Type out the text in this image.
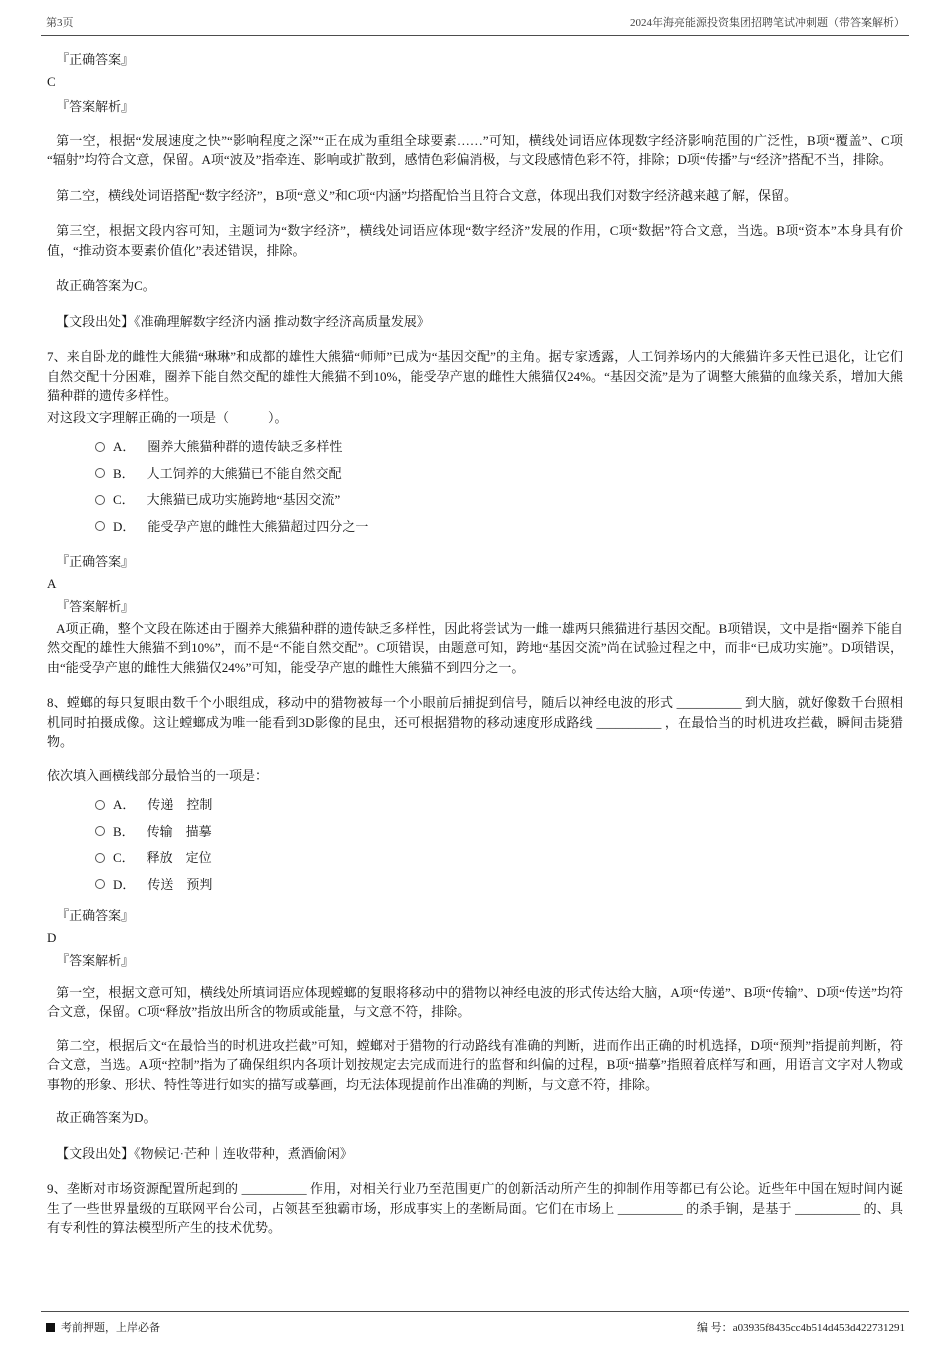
第3页	2024年海亮能源投资集团招聘笔试冲刺题（带答案解析）

『正确答案』

C

『答案解析』

第一空，根据“发展速度之快”“影响程度之深”“正在成为重组全球要素……”可知，横线处词语应体现数字经济影响范围的广泛性，B项“覆盖”、C项“辐射”均符合文意，保留。A项“波及”指牵连、影响或扩散到，感情色彩偏消极，与文段感情色彩不符，排除；D项“传播”与“经济”搭配不当，排除。

第二空，横线处词语搭配“数字经济”，B项“意义”和C项“内涵”均搭配恰当且符合文意，体现出我们对数字经济越来越了解，保留。

第三空，根据文段内容可知，主题词为“数字经济”，横线处词语应体现“数字经济”发展的作用，C项“数据”符合文意，当选。B项“资本”本身具有价值，“推动资本要素价值化”表述错误，排除。

故正确答案为C。

【文段出处】《准确理解数字经济内涵 推动数字经济高质量发展》

7、来自卧龙的雌性大熊猫“琳琳”和成都的雄性大熊猫“师师”已成为“基因交配”的主角。据专家透露，人工饲养场内的大熊猫许多天性已退化，让它们自然交配十分困难，圈养下能自然交配的雄性大熊猫不到10%，能受孕产崽的雌性大熊猫仅24%。“基因交流”是为了调整大熊猫的血缘关系，增加大熊猫种群的遗传多样性。

对这段文字理解正确的一项是（　　　）。

A． 圈养大熊猫种群的遗传缺乏多样性
B． 人工饲养的大熊猫已不能自然交配
C． 大熊猫已成功实施跨地“基因交流”
D． 能受孕产崽的雌性大熊猫超过四分之一

『正确答案』

A

『答案解析』

A项正确，整个文段在陈述由于圈养大熊猫种群的遗传缺乏多样性，因此将尝试为一雌一雄两只熊猫进行基因交配。B项错误，文中是指“圈养下能自然交配的雄性大熊猫不到10%”，而不是“不能自然交配”。C项错误，由题意可知，跨地“基因交流”尚在试验过程之中，而非“已成功实施”。D项错误，由“能受孕产崽的雌性大熊猫仅24%”可知，能受孕产崽的雌性大熊猫不到四分之一。

8、螳螂的每只复眼由数千个小眼组成，移动中的猎物被每一个小眼前后捕捉到信号，随后以神经电波的形式 __________ 到大脑，就好像数千台照相机同时拍摄成像。这让螳螂成为唯一能看到3D影像的昆虫，还可根据猎物的移动速度形成路线 __________ ，在最恰当的时机进攻拦截，瞬间击毙猎物。

依次填入画横线部分最恰当的一项是：

A． 传递　控制
B． 传输　描摹
C． 释放　定位
D． 传送　预判

『正确答案』

D

『答案解析』

第一空，根据文意可知，横线处所填词语应体现螳螂的复眼将移动中的猎物以神经电波的形式传达给大脑，A项“传递”、B项“传输”、D项“传送”均符合文意，保留。C项“释放”指放出所含的物质或能量，与文意不符，排除。

第二空，根据后文“在最恰当的时机进攻拦截”可知，螳螂对于猎物的行动路线有准确的判断，进而作出正确的时机选择，D项“预判”指提前判断，符合文意，当选。A项“控制”指为了确保组织内各项计划按规定去完成而进行的监督和纠偏的过程，B项“描摹”指照着底样写和画，用语言文字对人物或事物的形象、形状、特性等进行如实的描写或摹画，均无法体现提前作出准确的判断，与文意不符，排除。

故正确答案为D。

【文段出处】《物候记·芒种｜连收带种，煮酒偷闲》

9、垄断对市场资源配置所起到的 __________ 作用，对相关行业乃至范围更广的创新活动所产生的抑制作用等都已有公论。近些年中国在短时间内诞生了一些世界量级的互联网平台公司，占领甚至独霸市场，形成事实上的垄断局面。它们在市场上 __________ 的杀手锏，是基于 __________ 的、具有专利性的算法模型所产生的技术优势。

考前押题，上岸必备	编 号：a03935f8435cc4b514d453d422731291
